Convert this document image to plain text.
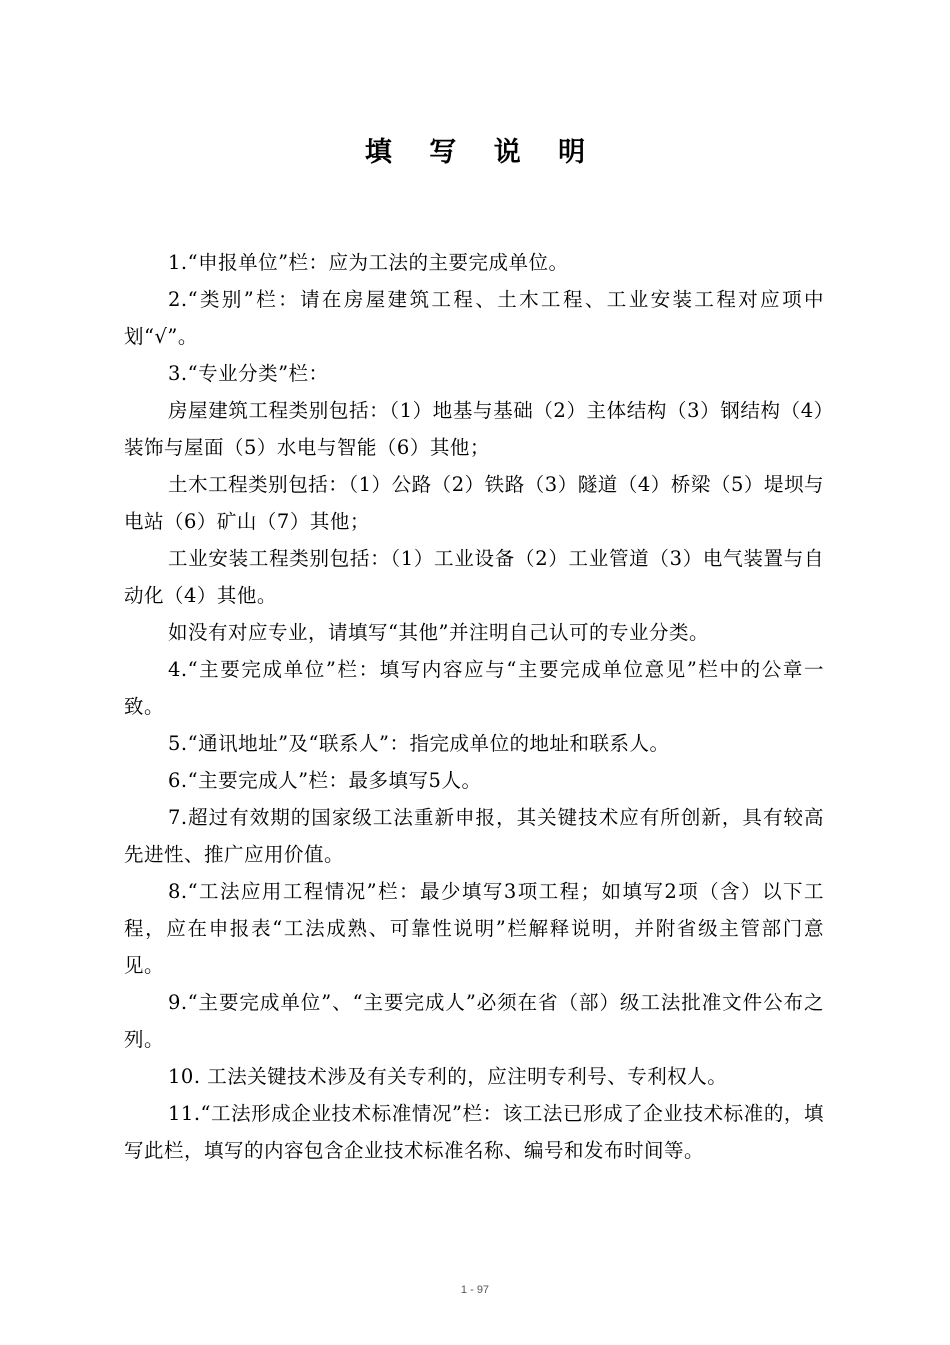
填 写 说 明

1.“申报单位”栏：应为工法的主要完成单位。

2.“类别”栏：请在房屋建筑工程、土木工程、工业安装工程对应项中划“√”。

3.“专业分类”栏：

房屋建筑工程类别包括：（1）地基与基础（2）主体结构（3）钢结构（4）装饰与屋面（5）水电与智能（6）其他；

土木工程类别包括：（1）公路（2）铁路（3）隧道（4）桥梁（5）堤坝与电站（6）矿山（7）其他；

工业安装工程类别包括：（1）工业设备（2）工业管道（3）电气装置与自动化（4）其他。

如没有对应专业，请填写“其他”并注明自己认可的专业分类。

4.“主要完成单位”栏：填写内容应与“主要完成单位意见”栏中的公章一致。

5.“通讯地址”及“联系人”：指完成单位的地址和联系人。

6.“主要完成人”栏：最多填写5人。

7.超过有效期的国家级工法重新申报，其关键技术应有所创新，具有较高先进性、推广应用价值。

8.“工法应用工程情况”栏：最少填写3项工程；如填写2项（含）以下工程，应在申报表“工法成熟、可靠性说明”栏解释说明，并附省级主管部门意见。

9.“主要完成单位”、“主要完成人”必须在省（部）级工法批准文件公布之列。

10. 工法关键技术涉及有关专利的，应注明专利号、专利权人。

11.“工法形成企业技术标准情况”栏：该工法已形成了企业技术标准的，填写此栏，填写的内容包含企业技术标准名称、编号和发布时间等。

1 - 97
